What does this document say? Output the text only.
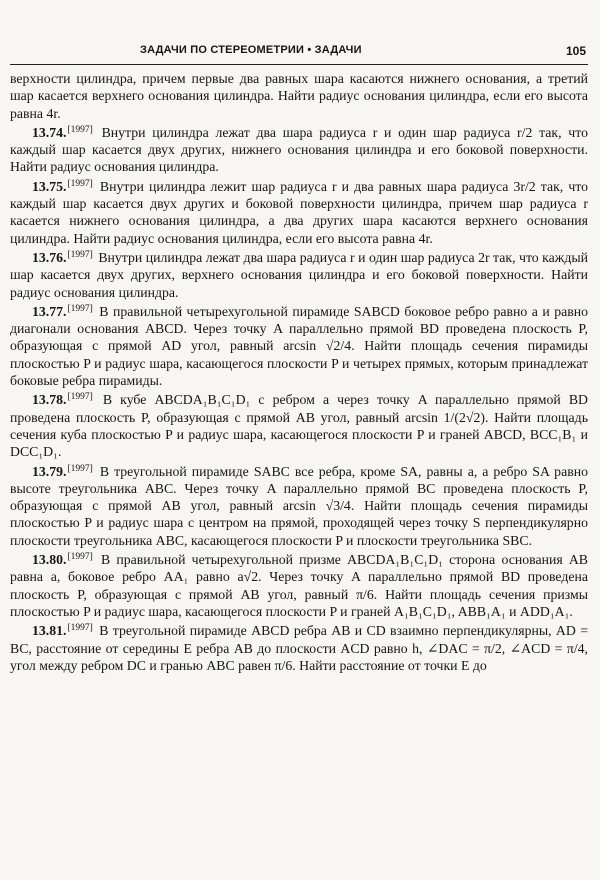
ЗАДАЧИ ПО СТЕРЕОМЕТРИИ • ЗАДАЧИ	105

верхности цилиндра, причем первые два равных шара касаются нижнего основания, а третий шар касается верхнего основания цилиндра. Найти радиус основания цилиндра, если его высота равна 4r.

13.74.[1997] Внутри цилиндра лежат два шара радиуса r и один шар радиуса r/2 так, что каждый шар касается двух других, нижнего основания цилиндра и его боковой поверхности. Найти радиус основания цилиндра.

13.75.[1997] Внутри цилиндра лежит шар радиуса r и два равных шара радиуса 3r/2 так, что каждый шар касается двух других и боковой поверхности цилиндра, причем шар радиуса r касается нижнего основания цилиндра, а два других шара касаются верхнего основания цилиндра. Найти радиус основания цилиндра, если его высота равна 4r.

13.76.[1997] Внутри цилиндра лежат два шара радиуса r и один шар радиуса 2r так, что каждый шар касается двух других, верхнего основания цилиндра и его боковой поверхности. Найти радиус основания цилиндра.

13.77.[1997] В правильной четырехугольной пирамиде SABCD боковое ребро равно a и равно диагонали основания ABCD. Через точку A параллельно прямой BD проведена плоскость P, образующая с прямой AD угол, равный arcsin √2/4. Найти площадь сечения пирамиды плоскостью P и радиус шара, касающегося плоскости P и четырех прямых, которым принадлежат боковые ребра пирамиды.

13.78.[1997] В кубе ABCDA₁B₁C₁D₁ с ребром a через точку A параллельно прямой BD проведена плоскость P, образующая с прямой AB угол, равный arcsin 1/(2√2). Найти площадь сечения куба плоскостью P и радиус шара, касающегося плоскости P и граней ABCD, BCC₁B₁ и DCC₁D₁.

13.79.[1997] В треугольной пирамиде SABC все ребра, кроме SA, равны a, а ребро SA равно высоте треугольника ABC. Через точку A параллельно прямой BC проведена плоскость P, образующая с прямой AB угол, равный arcsin √3/4. Найти площадь сечения пирамиды плоскостью P и радиус шара с центром на прямой, проходящей через точку S перпендикулярно плоскости треугольника ABC, касающегося плоскости P и плоскости треугольника SBC.

13.80.[1997] В правильной четырехугольной призме ABCDA₁B₁C₁D₁ сторона основания AB равна a, боковое ребро AA₁ равно a√2. Через точку A параллельно прямой BD проведена плоскость P, образующая с прямой AB угол, равный π/6. Найти площадь сечения призмы плоскостью P и радиус шара, касающегося плоскости P и граней A₁B₁C₁D₁, ABB₁A₁ и ADD₁A₁.

13.81.[1997] В треугольной пирамиде ABCD ребра AB и CD взаимно перпендикулярны, AD = BC, расстояние от середины E ребра AB до плоскости ACD равно h, ∠DAC = π/2, ∠ACD = π/4, угол между ребром DC и гранью ABC равен π/6. Найти расстояние от точки E до
